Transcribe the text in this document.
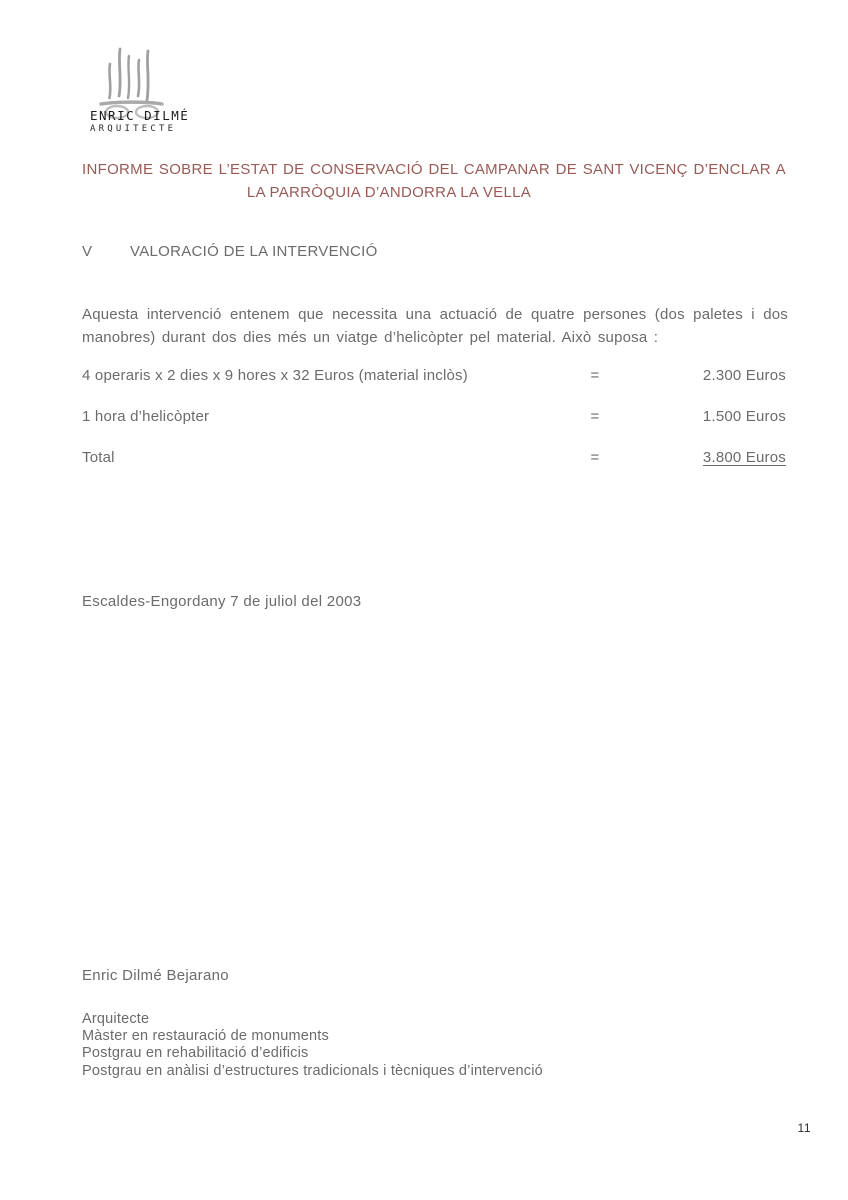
ENRIC DILMÉ
ARQUITECTE
INFORME SOBRE L’ESTAT DE CONSERVACIÓ DEL CAMPANAR DE SANT VICENÇ D’ENCLAR A
LA PARRÒQUIA D’ANDORRA LA VELLA
V	VALORACIÓ DE LA INTERVENCIÓ
Aquesta intervenció entenem que necessita una actuació de quatre persones (dos paletes i dos manobres) durant dos dies més un viatge d’helicòpter pel material. Això suposa :
4 operaris x 2 dies x 9 hores x 32 Euros (material inclòs)	=	2.300 Euros
1 hora d’helicòpter	=	1.500 Euros
Total	=	3.800 Euros
Escaldes-Engordany 7 de juliol del 2003
Enric Dilmé Bejarano
Arquitecte
Màster en restauració de monuments
Postgrau en rehabilitació d’edificis
Postgrau en anàlisi d’estructures tradicionals i tècniques d’intervenció
11
